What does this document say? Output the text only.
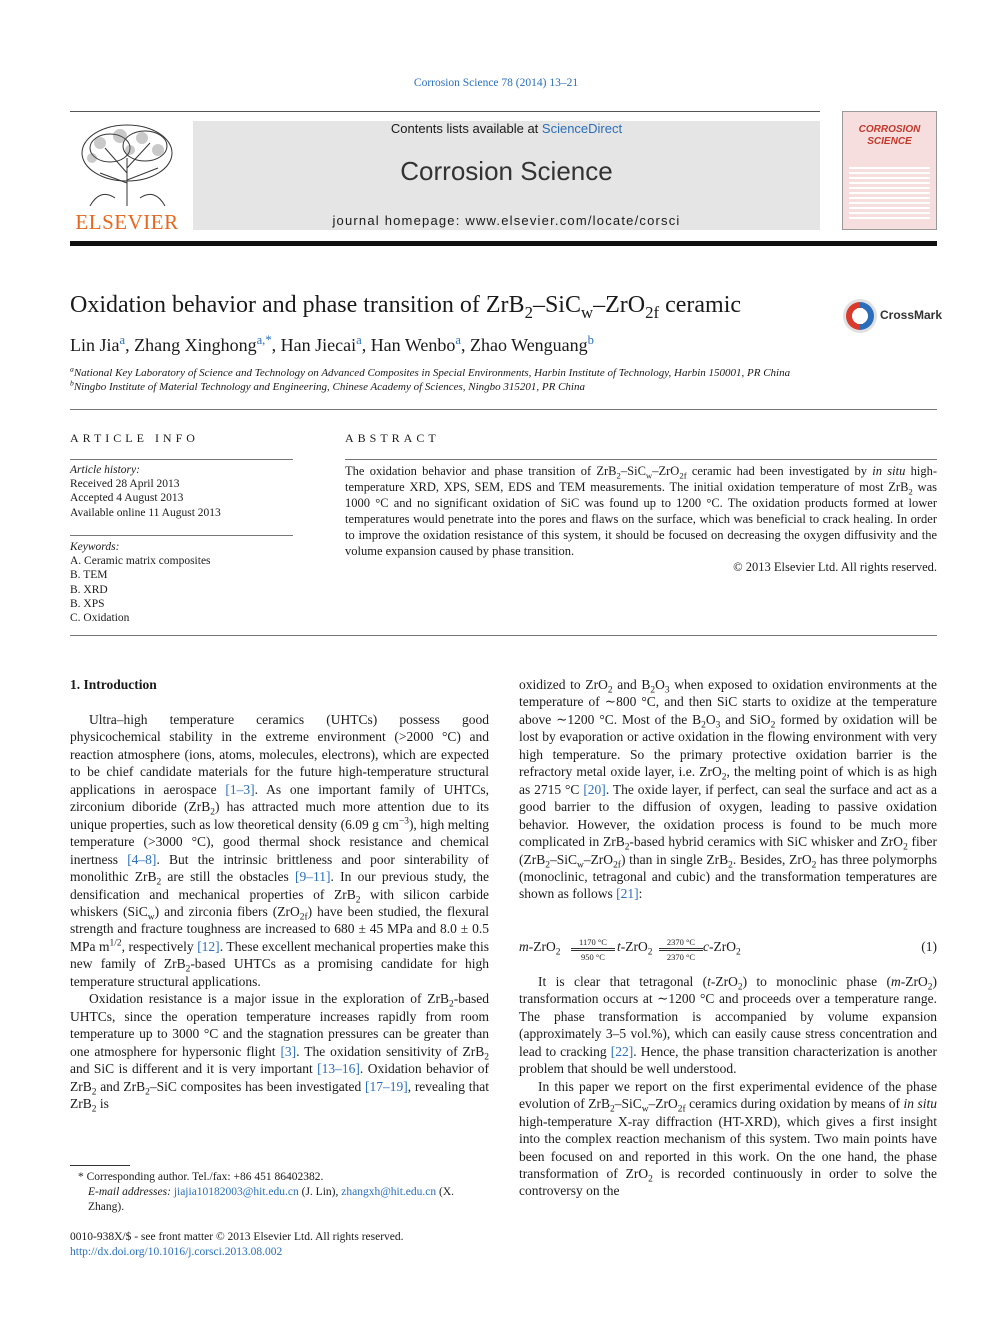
Corrosion Science 78 (2014) 13–21
ELSEVIER
Contents lists available at ScienceDirect
Corrosion Science
journal homepage: www.elsevier.com/locate/corsci
CORROSION SCIENCE
Oxidation behavior and phase transition of ZrB$_2$–SiC$_w$–ZrO$_{2f}$ ceramic	CrossMark
Lin Jia$^a$, Zhang Xinghong$^{a,*}$, Han Jiecai$^a$, Han Wenbo$^a$, Zhao Wenguang$^b$
$^a$National Key Laboratory of Science and Technology on Advanced Composites in Special Environments, Harbin Institute of Technology, Harbin 150001, PR China
$^b$Ningbo Institute of Material Technology and Engineering, Chinese Academy of Sciences, Ningbo 315201, PR China
ARTICLE INFO
Article history:
Received 28 April 2013
Accepted 4 August 2013
Available online 11 August 2013
Keywords:
A. Ceramic matrix composites
B. TEM
B. XRD
B. XPS
C. Oxidation
ABSTRACT
The oxidation behavior and phase transition of ZrB$_2$–SiC$_w$–ZrO$_{2f}$ ceramic had been investigated by in situ high-temperature XRD, XPS, SEM, EDS and TEM measurements. The initial oxidation temperature of most ZrB$_2$ was 1000 °C and no significant oxidation of SiC was found up to 1200 °C. The oxidation products formed at lower temperatures would penetrate into the pores and flaws on the surface, which was beneficial to crack healing. In order to improve the oxidation resistance of this system, it should be focused on decreasing the oxygen diffusivity and the volume expansion caused by phase transition.
© 2013 Elsevier Ltd. All rights reserved.
1. Introduction

Ultra–high temperature ceramics (UHTCs) possess good physicochemical stability in the extreme environment (>2000 °C) and reaction atmosphere (ions, atoms, molecules, electrons), which are expected to be chief candidate materials for the future high-temperature structural applications in aerospace [1–3]. As one important family of UHTCs, zirconium diboride (ZrB$_2$) has attracted much more attention due to its unique properties, such as low theoretical density (6.09 g $cm^{-3}$), high melting temperature (>3000 °C), good thermal shock resistance and chemical inertness [4–8]. But the intrinsic brittleness and poor sinterability of monolithic ZrB$_2$ are still the obstacles [9–11]. In our previous study, the densification and mechanical properties of ZrB$_2$ with silicon carbide whiskers (SiC$_w$) and zirconia fibers (ZrO$_{2f}$) have been studied, the flexural strength and fracture toughness are increased to 680 ± 45 MPa and 8.0 ± 0.5 MPa $m^{1/2}$, respectively [12]. These excellent mechanical properties make this new family of ZrB$_2$-based UHTCs as a promising candidate for high temperature structural applications.

Oxidation resistance is a major issue in the exploration of ZrB$_2$-based UHTCs, since the operation temperature increases rapidly from room temperature up to 3000 °C and the stagnation pressures can be greater than one atmosphere for hypersonic flight [3]. The oxidation sensitivity of ZrB$_2$ and SiC is different and it is very important [13–16]. Oxidation behavior of ZrB$_2$ and ZrB$_2$–SiC composites has been investigated [17–19], revealing that ZrB$_2$ is

* Corresponding author. Tel./fax: +86 451 86402382.
E-mail addresses: jiajia10182003@hit.edu.cn (J. Lin), zhangxh@hit.edu.cn (X. Zhang).
0010-938X/$ - see front matter © 2013 Elsevier Ltd. All rights reserved.
http://dx.doi.org/10.1016/j.corsci.2013.08.002

oxidized to ZrO$_2$ and $B_2O_3$ when exposed to oxidation environments at the temperature of ∼800 °C, and then SiC starts to oxidize at the temperature above ∼1200 °C. Most of the $B_2O_3$ and SiO$_2$ formed by oxidation will be lost by evaporation or active oxidation in the flowing environment with very high temperature. So the primary protective oxidation barrier is the refractory metal oxide layer, i.e. ZrO$_2$, the melting point of which is as high as 2715 °C [20]. The oxide layer, if perfect, can seal the surface and act as a good barrier to the diffusion of oxygen, leading to passive oxidation behavior. However, the oxidation process is found to be much more complicated in ZrB$_2$-based hybrid ceramics with SiC whisker and ZrO$_2$ fiber (ZrB$_2$–SiC$_w$–ZrO$_{2f}$) than in single ZrB$_2$. Besides, ZrO$_2$ has three polymorphs (monoclinic, tetragonal and cubic) and the transformation temperatures are shown as follows [21]:

m-ZrO$_2$
1170 °C
950 °C
t-ZrO$_2$
2370 °C
2370 °C
c-ZrO$_2$	(1)

It is clear that tetragonal (t-ZrO$_2$) to monoclinic phase (m-ZrO$_2$) transformation occurs at ∼1200 °C and proceeds over a temperature range. The phase transformation is accompanied by volume expansion (approximately 3–5 vol.%), which can easily cause stress concentration and lead to cracking [22]. Hence, the phase transition characterization is another problem that should be well understood.

In this paper we report on the first experimental evidence of the phase evolution of ZrB$_2$–SiC$_w$–ZrO$_{2f}$ ceramics during oxidation by means of in situ high-temperature X-ray diffraction (HT-XRD), which gives a first insight into the complex reaction mechanism of this system. Two main points have been focused on and reported in this work. On the one hand, the phase transformation of ZrO$_2$ is recorded continuously in order to solve the controversy on the
